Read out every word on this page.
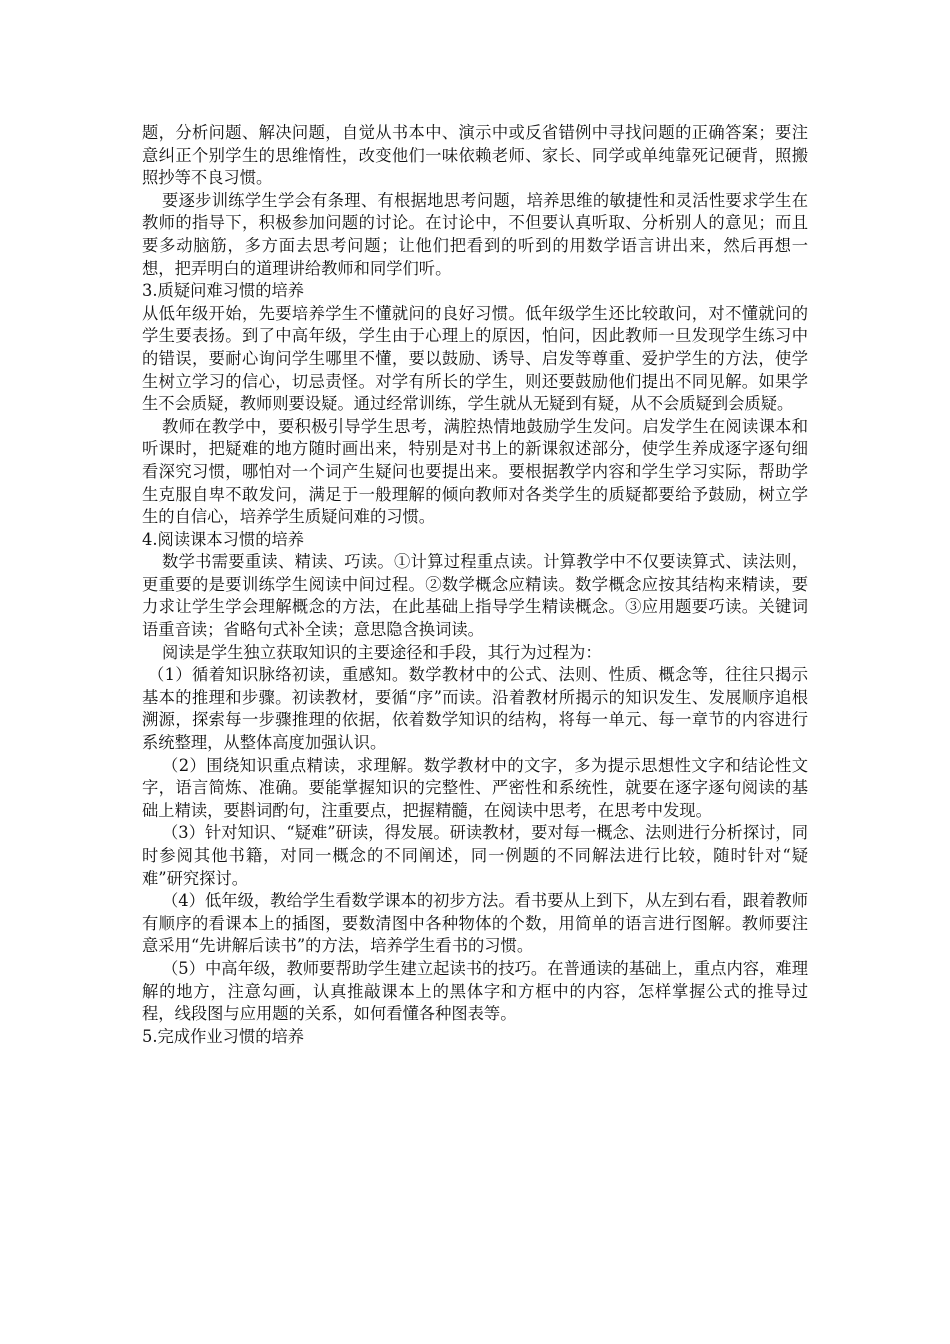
题，分析问题、解决问题，自觉从书本中、演示中或反省错例中寻找问题的正确答案；要注意纠正个别学生的思维惰性，改变他们一味依赖老师、家长、同学或单纯靠死记硬背，照搬照抄等不良习惯。

要逐步训练学生学会有条理、有根据地思考问题，培养思维的敏捷性和灵活性要求学生在教师的指导下，积极参加问题的讨论。在讨论中，不但要认真听取、分析别人的意见；而且要多动脑筋，多方面去思考问题；让他们把看到的听到的用数学语言讲出来，然后再想一想，把弄明白的道理讲给教师和同学们听。

3.质疑问难习惯的培养

从低年级开始，先要培养学生不懂就问的良好习惯。低年级学生还比较敢问，对不懂就问的学生要表扬。到了中高年级，学生由于心理上的原因，怕问，因此教师一旦发现学生练习中的错误，要耐心询问学生哪里不懂，要以鼓励、诱导、启发等尊重、爱护学生的方法，使学生树立学习的信心，切忌责怪。对学有所长的学生，则还要鼓励他们提出不同见解。如果学生不会质疑，教师则要设疑。通过经常训练，学生就从无疑到有疑，从不会质疑到会质疑。

教师在教学中，要积极引导学生思考，满腔热情地鼓励学生发问。启发学生在阅读课本和听课时，把疑难的地方随时画出来，特别是对书上的新课叙述部分，使学生养成逐字逐句细看深究习惯，哪怕对一个词产生疑问也要提出来。要根据教学内容和学生学习实际，帮助学生克服自卑不敢发问，满足于一般理解的倾向教师对各类学生的质疑都要给予鼓励，树立学生的自信心，培养学生质疑问难的习惯。

4.阅读课本习惯的培养

数学书需要重读、精读、巧读。①计算过程重点读。计算教学中不仅要读算式、读法则，更重要的是要训练学生阅读中间过程。②数学概念应精读。数学概念应按其结构来精读，要力求让学生学会理解概念的方法，在此基础上指导学生精读概念。③应用题要巧读。关键词语重音读；省略句式补全读；意思隐含换词读。

阅读是学生独立获取知识的主要途径和手段，其行为过程为：

（1）循着知识脉络初读，重感知。数学教材中的公式、法则、性质、概念等，往往只揭示基本的推理和步骤。初读教材，要循“序”而读。沿着教材所揭示的知识发生、发展顺序追根溯源，探索每一步骤推理的依据，依着数学知识的结构，将每一单元、每一章节的内容进行系统整理，从整体高度加强认识。

（2）围绕知识重点精读，求理解。数学教材中的文字，多为提示思想性文字和结论性文字，语言简炼、准确。要能掌握知识的完整性、严密性和系统性，就要在逐字逐句阅读的基础上精读，要斟词酌句，注重要点，把握精髓，在阅读中思考，在思考中发现。

（3）针对知识、“疑难”研读，得发展。研读教材，要对每一概念、法则进行分析探讨，同时参阅其他书籍，对同一概念的不同阐述，同一例题的不同解法进行比较，随时针对“疑难”研究探讨。

（4）低年级，教给学生看数学课本的初步方法。看书要从上到下，从左到右看，跟着教师有顺序的看课本上的插图，要数清图中各种物体的个数，用简单的语言进行图解。教师要注意采用“先讲解后读书”的方法，培养学生看书的习惯。

（5）中高年级，教师要帮助学生建立起读书的技巧。在普通读的基础上，重点内容，难理解的地方，注意勾画，认真推敲课本上的黑体字和方框中的内容，怎样掌握公式的推导过程，线段图与应用题的关系，如何看懂各种图表等。

5.完成作业习惯的培养
